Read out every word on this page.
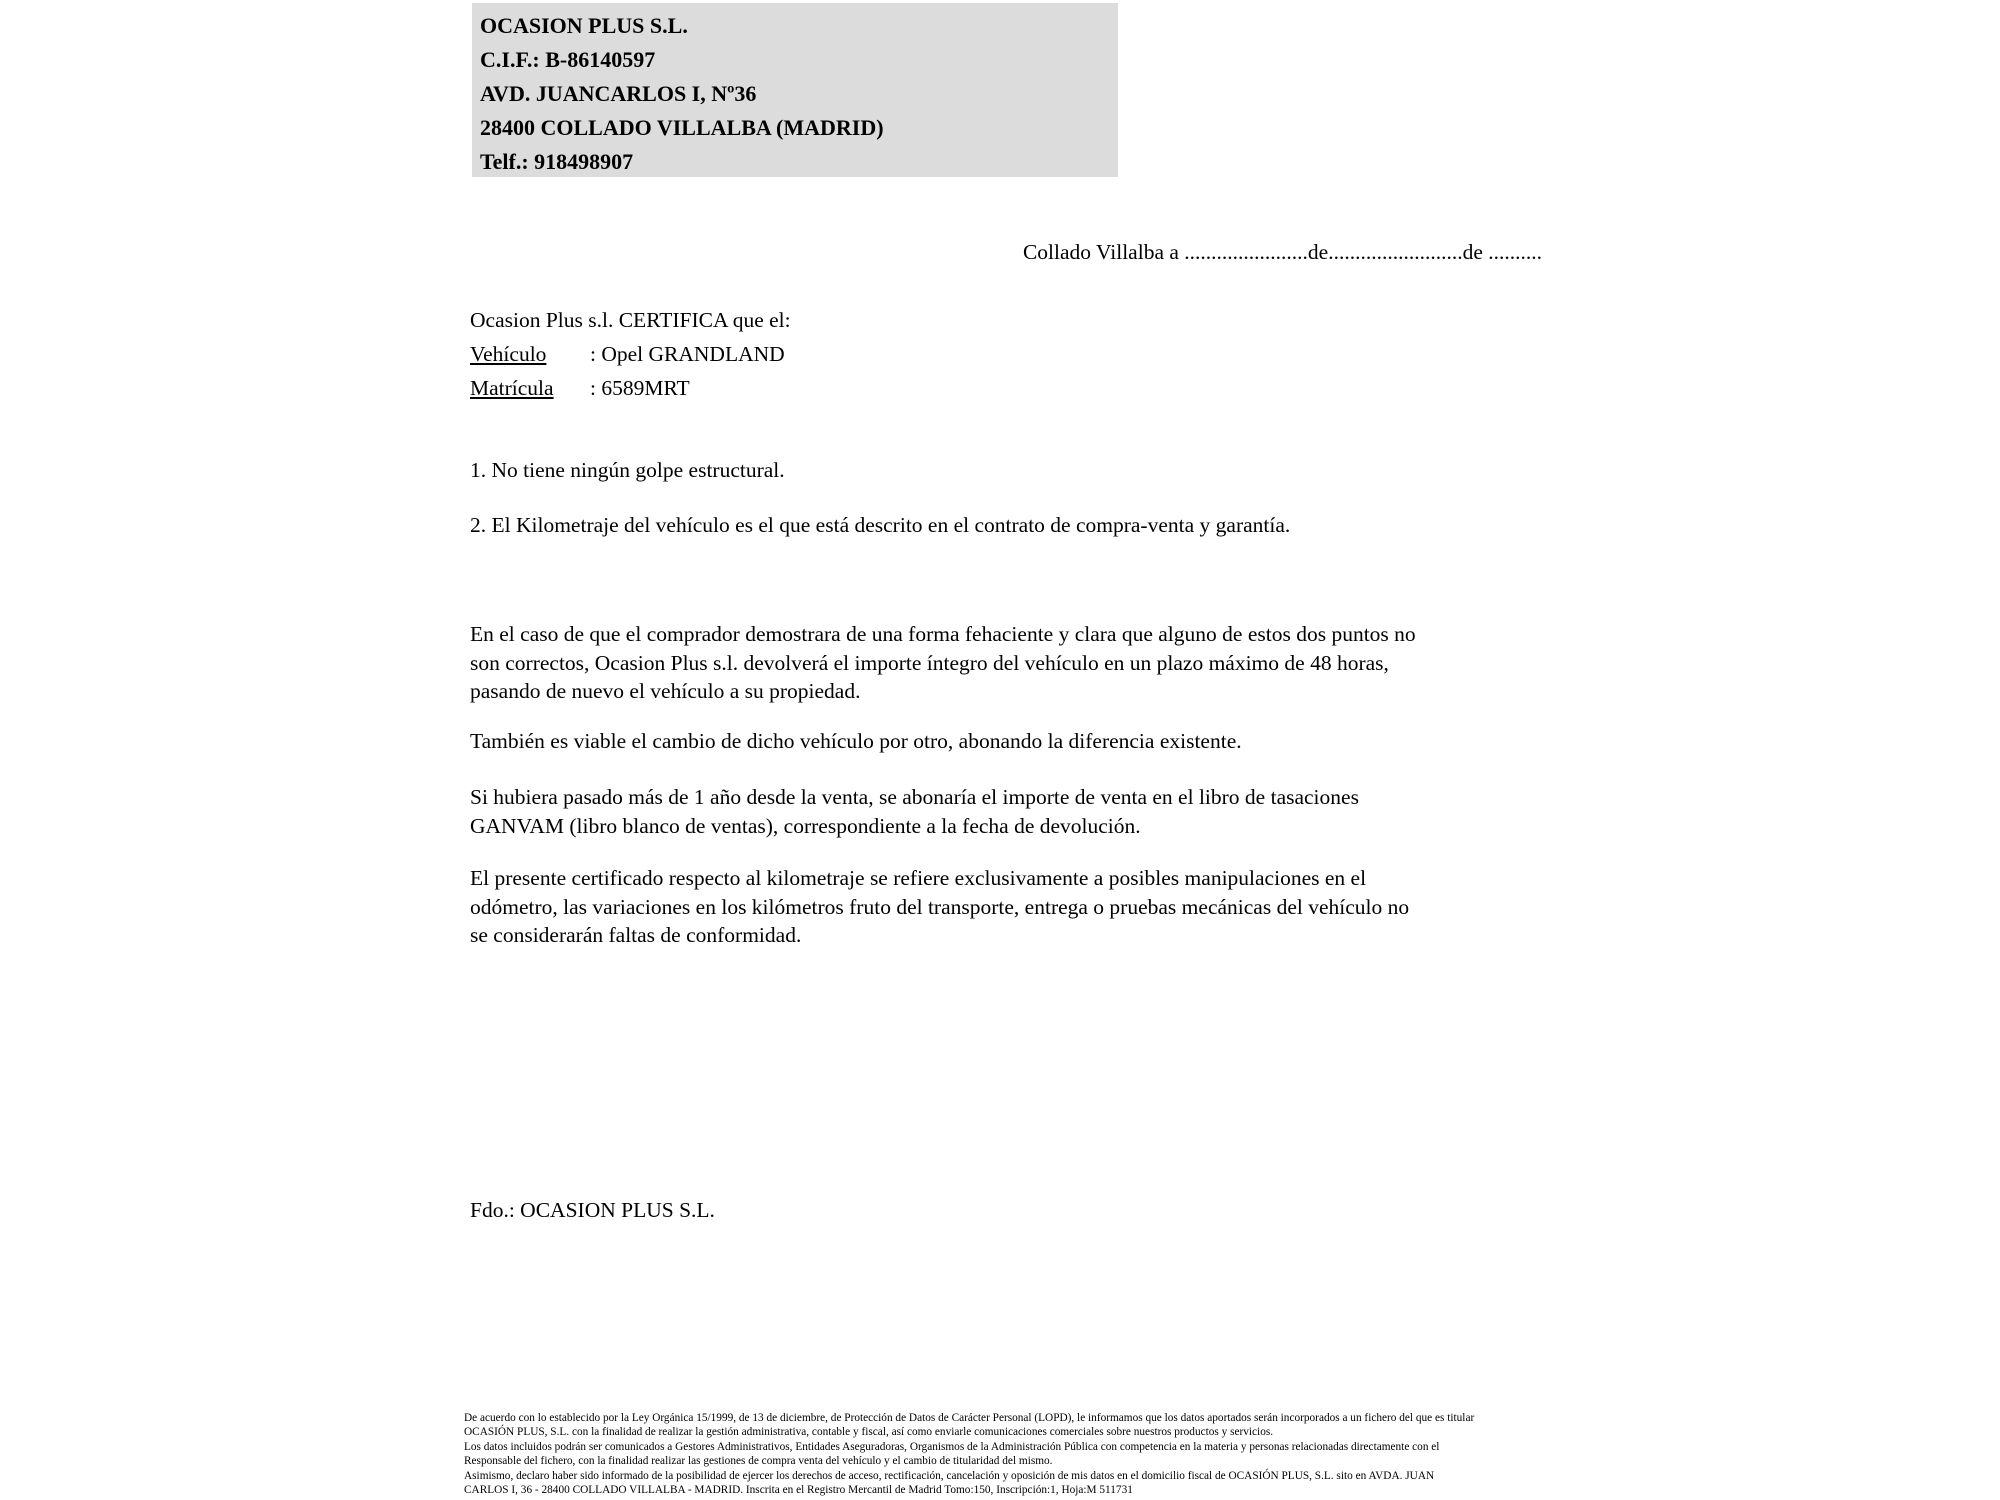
OCASION PLUS S.L.
C.I.F.: B-86140597
AVD. JUANCARLOS I, Nº36
28400 COLLADO VILLALBA (MADRID)
Telf.: 918498907
Collado Villalba a .......................de.........................de ..........
Ocasion Plus s.l. CERTIFICA que el:
Vehículo : Opel GRANDLAND
Matrícula : 6589MRT
1. No tiene ningún golpe estructural.
2. El Kilometraje del vehículo es el que está descrito en el contrato de compra-venta y garantía.
En el caso de que el comprador demostrara de una forma fehaciente y clara que alguno de estos dos puntos no
son correctos, Ocasion Plus s.l. devolverá el importe íntegro del vehículo en un plazo máximo de 48 horas,
pasando de nuevo el vehículo a su propiedad.
También es viable el cambio de dicho vehículo por otro, abonando la diferencia existente.
Si hubiera pasado más de 1 año desde la venta, se abonaría el importe de venta en el libro de tasaciones
GANVAM (libro blanco de ventas), correspondiente a la fecha de devolución.
El presente certificado respecto al kilometraje se refiere exclusivamente a posibles manipulaciones en el
odómetro, las variaciones en los kilómetros fruto del transporte, entrega o pruebas mecánicas del vehículo no
se considerarán faltas de conformidad.
Fdo.: OCASION PLUS S.L.
De acuerdo con lo establecido por la Ley Orgánica 15/1999, de 13 de diciembre, de Protección de Datos de Carácter Personal (LOPD), le informamos que los datos aportados serán incorporados a un fichero del que es titular
OCASIÓN PLUS, S.L. con la finalidad de realizar la gestión administrativa, contable y fiscal, así como enviarle comunicaciones comerciales sobre nuestros productos y servicios.
Los datos incluidos podrán ser comunicados a Gestores Administrativos, Entidades Aseguradoras, Organismos de la Administración Pública con competencia en la materia y personas relacionadas directamente con el
Responsable del fichero, con la finalidad realizar las gestiones de compra venta del vehículo y el cambio de titularidad del mismo.
Asimismo, declaro haber sido informado de la posibilidad de ejercer los derechos de acceso, rectificación, cancelación y oposición de mis datos en el domicilio fiscal de OCASIÓN PLUS, S.L. sito en AVDA. JUAN
CARLOS I, 36 - 28400 COLLADO VILLALBA - MADRID. Inscrita en el Registro Mercantil de Madrid Tomo:150, Inscripción:1, Hoja:M 511731
